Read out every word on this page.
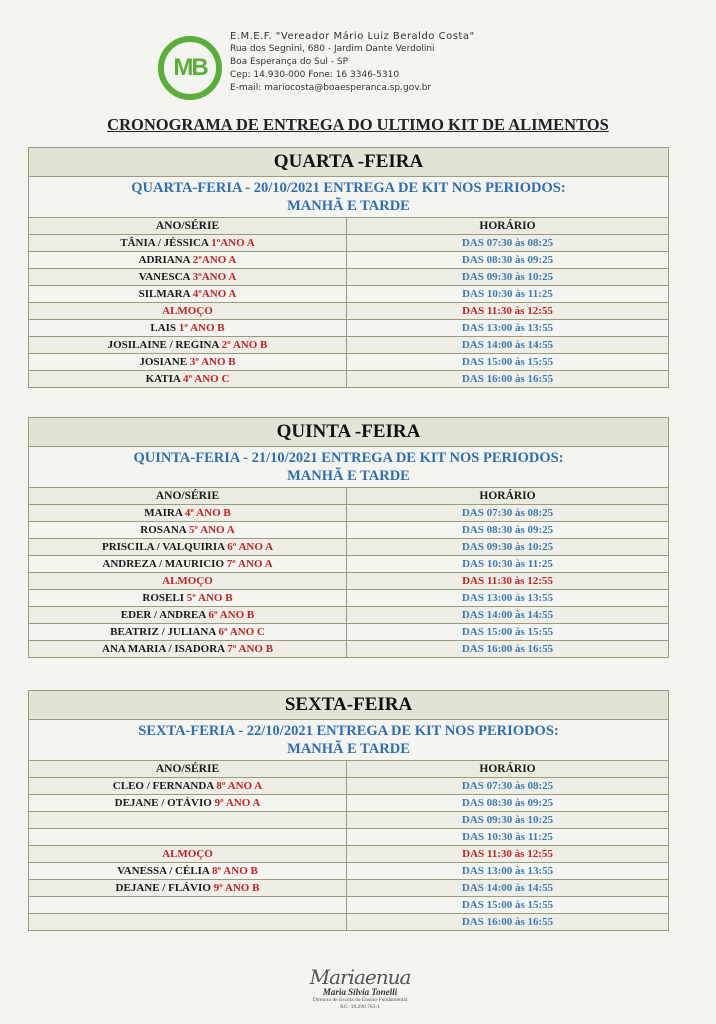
MB
E.M.E.F. "Vereador Mário Luiz Beraldo Costa"
Rua dos Segnini, 680 - Jardim Dante Verdolini
Boa Esperança do Sul - SP
Cep: 14.930-000 Fone: 16 3346-5310
E-mail: mariocosta@boaesperanca.sp.gov.br
CRONOGRAMA DE ENTREGA DO ULTIMO KIT DE ALIMENTOS
QUARTA -FEIRA	

QUARTA-FERIA - 20/10/2021 ENTREGA DE KIT NOS PERIODOS:
MANHÃ E TARDE	

ANO/SÉRIE	HORÁRIO
TÂNIA / JÉSSICA 1ºANO A	DAS 07:30 às 08:25
ADRIANA 2ºANO A	DAS 08:30 às 09:25
VANESCA 3ºANO A	DAS 09:30 às 10:25
SILMARA 4ºANO A	DAS 10:30 às 11:25
ALMOÇO	DAS 11:30 às 12:55
LAIS 1º ANO B	DAS 13:00 às 13:55
JOSILAINE / REGINA 2º ANO B	DAS 14:00 às 14:55
JOSIANE 3º ANO B	DAS 15:00 às 15:55
KATIA 4º ANO C	DAS 16:00 às 16:55
QUINTA -FEIRA	

QUINTA-FERIA - 21/10/2021 ENTREGA DE KIT NOS PERIODOS:
MANHÃ E TARDE	

ANO/SÉRIE	HORÁRIO
MAIRA 4º ANO B	DAS 07:30 às 08:25
ROSANA 5º ANO A	DAS 08:30 às 09:25
PRISCILA / VALQUIRIA 6º ANO A	DAS 09:30 às 10:25
ANDREZA / MAURICIO 7º ANO A	DAS 10:30 às 11:25
ALMOÇO	DAS 11:30 às 12:55
ROSELI 5º ANO B	DAS 13:00 às 13:55
EDER / ANDREA 6º ANO B	DAS 14:00 às 14:55
BEATRIZ / JULIANA 6º ANO C	DAS 15:00 às 15:55
ANA MARIA / ISADORA 7º ANO B	DAS 16:00 às 16:55
SEXTA-FEIRA	

SEXTA-FERIA - 22/10/2021 ENTREGA DE KIT NOS PERIODOS:
MANHÃ E TARDE	

ANO/SÉRIE	HORÁRIO
CLEO / FERNANDA 8º ANO A	DAS 07:30 às 08:25
DEJANE / OTÁVIO 9º ANO A	DAS 08:30 às 09:25
	DAS 09:30 às 10:25
	DAS 10:30 às 11:25
ALMOÇO	DAS 11:30 às 12:55
VANESSA / CÉLIA 8º ANO B	DAS 13:00 às 13:55
DEJANE / FLÁVIO 9º ANO B	DAS 14:00 às 14:55
	DAS 15:00 às 15:55
	DAS 16:00 às 16:55
Mariaenua
Maria Silvia Tonelli
Diretora de Escola do Ensino Fundamental
RG: 18.290.763-1
